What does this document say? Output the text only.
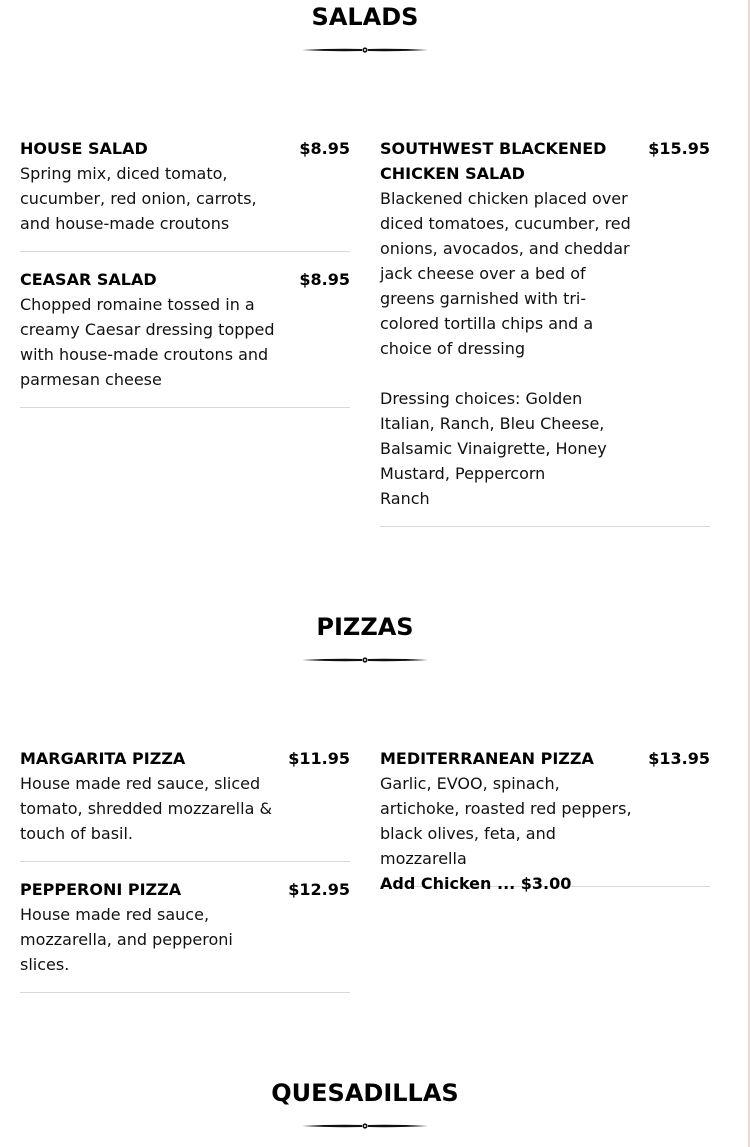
SALADS
HOUSE SALAD	$8.95
Spring mix, diced tomato, cucumber, red onion, carrots, and house-made croutons
CEASAR SALAD	$8.95
Chopped romaine tossed in a creamy Caesar dressing topped with house-made croutons and parmesan cheese
SOUTHWEST BLACKENED CHICKEN SALAD
$15.95
Blackened chicken placed over diced tomatoes, cucumber, red onions, avocados, and cheddar jack cheese over a bed of greens garnished with tri-colored tortilla chips and a choice of dressing

Dressing choices: Golden Italian, Ranch, Bleu Cheese, Balsamic Vinaigrette, Honey Mustard, Peppercorn
Ranch
PIZZAS
MARGARITA PIZZA	$11.95
House made red sauce, sliced tomato, shredded mozzarella & touch of basil.
PEPPERONI PIZZA	$12.95
House made red sauce, mozzarella, and pepperoni slices.
MEDITERRANEAN PIZZA	$13.95
Garlic, EVOO, spinach, artichoke, roasted red peppers, black olives, feta, and mozzarella
Add Chicken ... $3.00
QUESADILLAS
